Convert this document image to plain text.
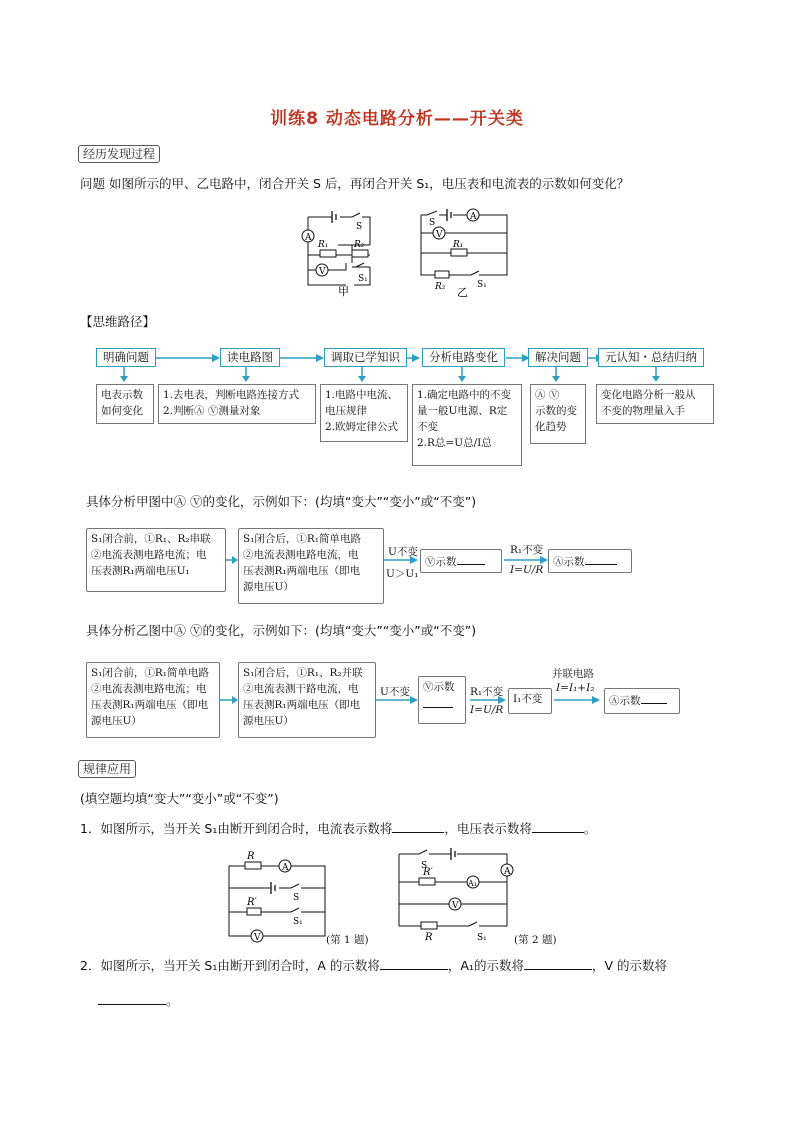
训练8 动态电路分析——开关类
经历发现过程
问题 如图所示的甲、乙电路中，闭合开关 S 后，再闭合开关 S₁，电压表和电流表的示数如何变化？
A
V
R₁	R₂
S
S₁
甲
A
V
R₁
R₂
S
S₁
乙
【思维路径】
明确问题	读电路图	调取已学知识	分析电路变化	解决问题	元认知・总结归纳
电表示数
如何变化
1.去电表，判断电路连接方式
2.判断Ⓐ Ⓥ测量对象
1.电路中电流、
电压规律
2.欧姆定律公式
1.确定电路中的不变
量一般U电源、R定不变
2.R总=U总/I总
Ⓐ Ⓥ
示数的变
化趋势
变化电路分析一般从
不变的物理量入手
具体分析甲图中Ⓐ Ⓥ的变化，示例如下：(均填“变大”“变小”或“不变”)
S₁闭合前，①R₁、R₂串联
②电流表测电路电流；电
压表测R₁两端电压U₁
S₁闭合后，①R₁简单电路
②电流表测电路电流，电
压表测R₁两端电压（即电
源电压U）
U不变
U＞U₁
Ⓥ示数
R₁不变
I=U/R
Ⓐ示数
具体分析乙图中Ⓐ Ⓥ的变化，示例如下：(均填“变大”“变小”或“不变”)
S₁闭合前，①R₁简单电路
②电流表测电路电流；电
压表测R₁两端电压（即电
源电压U）
S₁闭合后，①R₁、R₂并联
②电流表测干路电流，电
压表测R₁两端电压（即电
源电压U）
U不变 Ⓥ示数	R₁不变
I=U/R
I₁不变
并联电路
I=I₁+I₂
Ⓐ示数
规律应用
(填空题均填“变大”“变小”或“不变”)
1．如图所示，当开关 S₁由断开到闭合时，电流表示数将	，电压表示数将	。
R
A
S
R′
S₁
V	(第 1 题)
S
A
R′
A₁
V
R	S₁	(第 2 题)
2．如图所示，当开关 S₁由断开到闭合时，A 的示数将	，A₁的示数将	，V 的示数将
。
